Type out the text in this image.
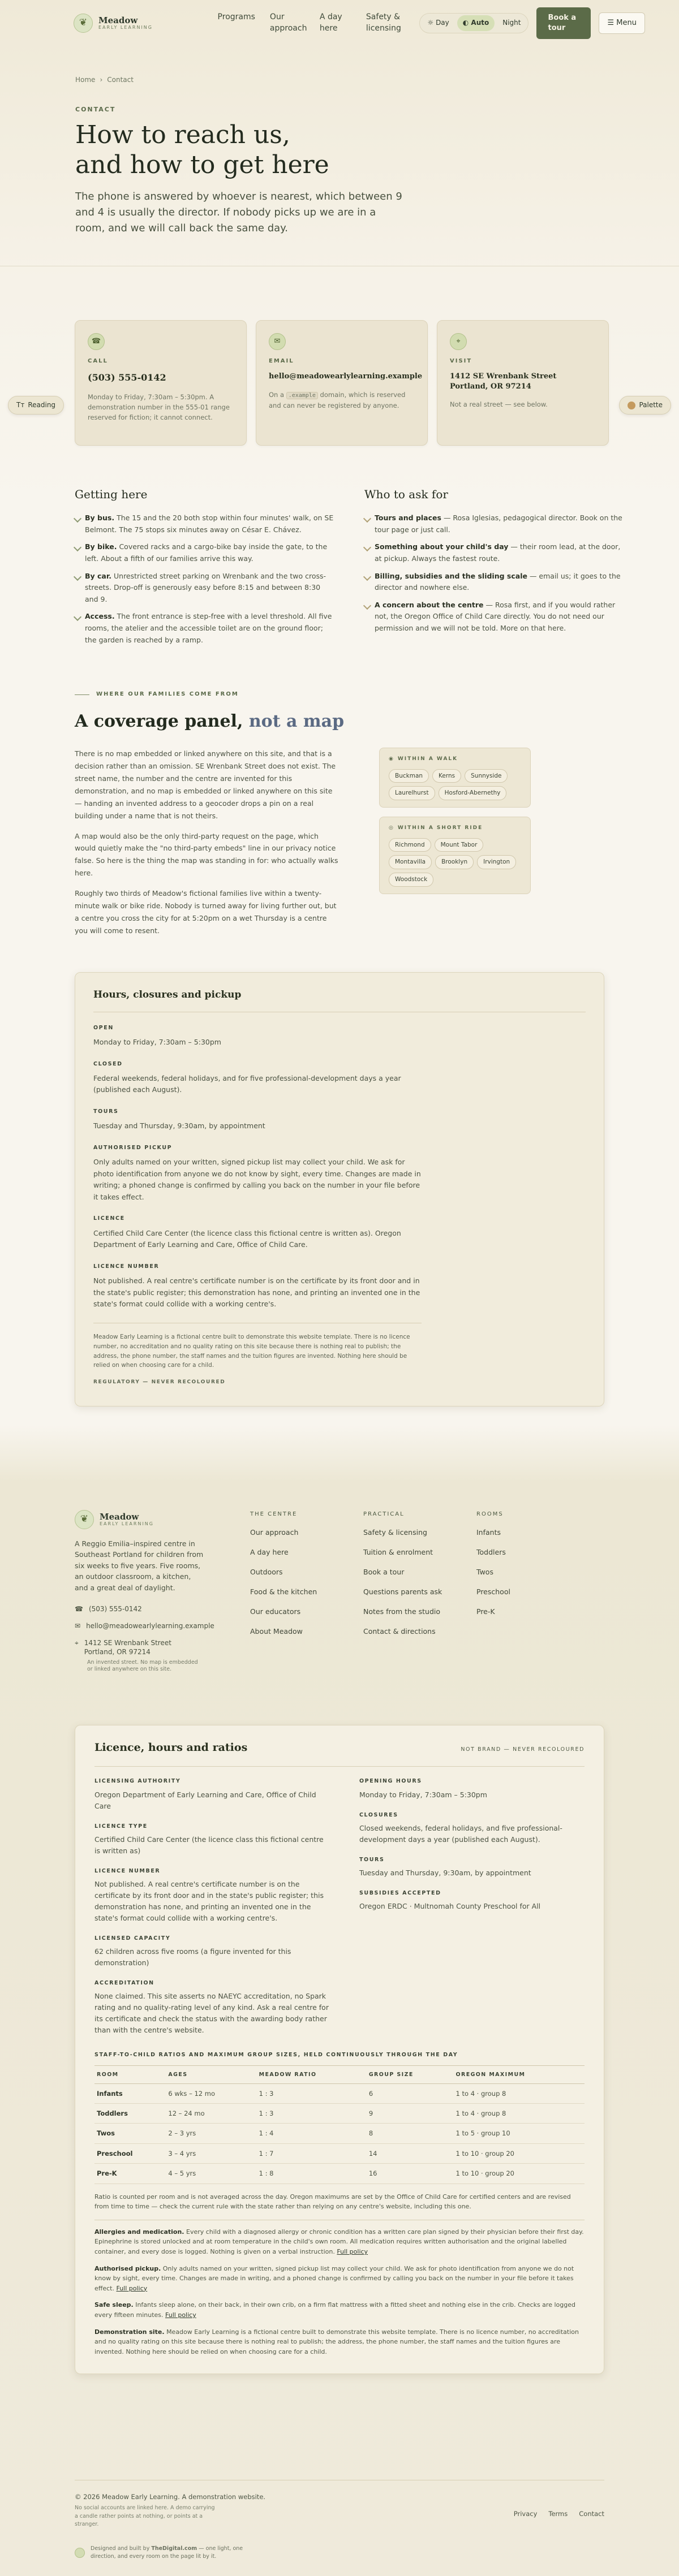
❦	Meadow
EARLY LEARNING
Programs Our approach
A day here
Safety & licensing
☼ Day	◐ Auto	Night
Book a tour
☰ Menu
Home › Contact
CONTACT
How to reach us,
and how to get here

The phone is answered by whoever is nearest, which between 9 and 4 is usually the director. If nobody picks up we are in a room, and we will call back the same day.

☎
CALL
(503) 555-0142
Monday to Friday, 7:30am – 5:30pm. A demonstration number in the 555-01 range reserved for fiction; it cannot connect.
✉
EMAIL
hello@meadowearlylearning.example
On a .example domain, which is reserved and can never be registered by anyone.
⌖
VISIT
1412 SE Wrenbank Street
Portland, OR 97214
Not a real street — see below.
Tт Reading	Palette
Getting here
By bus. The 15 and the 20 both stop within four minutes' walk, on SE Belmont. The 75 stops six minutes away on César E. Chávez.
By bike. Covered racks and a cargo-bike bay inside the gate, to the left. About a fifth of our families arrive this way.
By car. Unrestricted street parking on Wrenbank and the two cross-streets. Drop-off is generously easy before 8:15 and between 8:30 and 9.
Access. The front entrance is step-free with a level threshold. All five rooms, the atelier and the accessible toilet are on the ground floor; the garden is reached by a ramp.
Who to ask for
Tours and places — Rosa Iglesias, pedagogical director. Book on the tour page or just call.
Something about your child's day — their room lead, at the door, at pickup. Always the fastest route.
Billing, subsidies and the sliding scale — email us; it goes to the director and nowhere else.
A concern about the centre — Rosa first, and if you would rather not, the Oregon Office of Child Care directly. You do not need our permission and we will not be told. More on that here.
WHERE OUR FAMILIES COME FROM
A coverage panel, not a map

There is no map embedded or linked anywhere on this site, and that is a decision rather than an omission. SE Wrenbank Street does not exist. The street name, the number and the centre are invented for this demonstration, and no map is embedded or linked anywhere on this site — handing an invented address to a geocoder drops a pin on a real building under a name that is not theirs.

A map would also be the only third-party request on the page, which would quietly make the "no third-party embeds" line in our privacy notice false. So here is the thing the map was standing in for: who actually walks here.

Roughly two thirds of Meadow's fictional families live within a twenty-minute walk or bike ride. Nobody is turned away for living further out, but a centre you cross the city for at 5:20pm on a wet Thursday is a centre you will come to resent.

◉ WITHIN A WALK
Buckman	Kerns	Sunnyside
Laurelhurst	Hosford-Abernethy
◎ WITHIN A SHORT RIDE
Richmond	Mount Tabor
Montavilla	Brooklyn	Irvington
Woodstock
Hours, closures and pickup
OPEN
Monday to Friday, 7:30am – 5:30pm
CLOSED
Federal weekends, federal holidays, and for five professional-development days a year (published each August).
TOURS
Tuesday and Thursday, 9:30am, by appointment
AUTHORISED PICKUP
Only adults named on your written, signed pickup list may collect your child. We ask for photo identification from anyone we do not know by sight, every time. Changes are made in writing; a phoned change is confirmed by calling you back on the number in your file before it takes effect.
LICENCE
Certified Child Care Center (the licence class this fictional centre is written as). Oregon Department of Early Learning and Care, Office of Child Care.
LICENCE NUMBER
Not published. A real centre's certificate number is on the certificate by its front door and in the state's public register; this demonstration has none, and printing an invented one in the state's format could collide with a working centre's.
Meadow Early Learning is a fictional centre built to demonstrate this website template. There is no licence number, no accreditation and no quality rating on this site because there is nothing real to publish; the address, the phone number, the staff names and the tuition figures are invented. Nothing here should be relied on when choosing care for a child.
REGULATORY — NEVER RECOLOURED
❦	Meadow
EARLY LEARNING

A Reggio Emilia–inspired centre in Southeast Portland for children from six weeks to five years. Five rooms, an outdoor classroom, a kitchen, and a great deal of daylight.

☎ (503) 555-0142
✉ hello@meadowearlylearning.example
⌖ 1412 SE Wrenbank Street
Portland, OR 97214
An invented street. No map is embedded or linked anywhere on this site.
THE CENTRE
Our approach
A day here
Outdoors
Food & the kitchen
Our educators
About Meadow
PRACTICAL
Safety & licensing
Tuition & enrolment
Book a tour
Questions parents ask
Notes from the studio
Contact & directions
ROOMS
Infants
Toddlers
Twos
Preschool
Pre-K
Licence, hours and ratios	NOT BRAND — NEVER RECOLOURED
LICENSING AUTHORITY
Oregon Department of Early Learning and Care, Office of Child Care
LICENCE TYPE
Certified Child Care Center (the licence class this fictional centre is written as)
LICENCE NUMBER
Not published. A real centre's certificate number is on the certificate by its front door and in the state's public register; this demonstration has none, and printing an invented one in the state's format could collide with a working centre's.
LICENSED CAPACITY
62 children across five rooms (a figure invented for this demonstration)
ACCREDITATION
None claimed. This site asserts no NAEYC accreditation, no Spark rating and no quality-rating level of any kind. Ask a real centre for its certificate and check the status with the awarding body rather than with the centre's website.
OPENING HOURS
Monday to Friday, 7:30am – 5:30pm
CLOSURES
Closed weekends, federal holidays, and five professional-development days a year (published each August).
TOURS
Tuesday and Thursday, 9:30am, by appointment
SUBSIDIES ACCEPTED
Oregon ERDC · Multnomah County Preschool for All
STAFF-TO-CHILD RATIOS AND MAXIMUM GROUP SIZES, HELD CONTINUOUSLY THROUGH THE DAY
ROOM	AGES	MEADOW RATIO	GROUP SIZE	OREGON MAXIMUM
Infants	6 wks – 12 mo	1 : 3	6	1 to 4 · group 8
Toddlers	12 – 24 mo	1 : 3	9	1 to 4 · group 8
Twos	2 – 3 yrs	1 : 4	8	1 to 5 · group 10
Preschool	3 – 4 yrs	1 : 7	14	1 to 10 · group 20
Pre-K	4 – 5 yrs	1 : 8	16	1 to 10 · group 20
Ratio is counted per room and is not averaged across the day. Oregon maximums are set by the Office of Child Care for certified centers and are revised from time to time — check the current rule with the state rather than relying on any centre's website, including this one.
Allergies and medication. Every child with a diagnosed allergy or chronic condition has a written care plan signed by their physician before their first day. Epinephrine is stored unlocked and at room temperature in the child's own room. All medication requires written authorisation and the original labelled container, and every dose is logged. Nothing is given on a verbal instruction. Full policy
Authorised pickup. Only adults named on your written, signed pickup list may collect your child. We ask for photo identification from anyone we do not know by sight, every time. Changes are made in writing, and a phoned change is confirmed by calling you back on the number in your file before it takes effect. Full policy
Safe sleep. Infants sleep alone, on their back, in their own crib, on a firm flat mattress with a fitted sheet and nothing else in the crib. Checks are logged every fifteen minutes. Full policy
Demonstration site. Meadow Early Learning is a fictional centre built to demonstrate this website template. There is no licence number, no accreditation and no quality rating on this site because there is nothing real to publish; the address, the phone number, the staff names and the tuition figures are invented. Nothing here should be relied on when choosing care for a child.
© 2026 Meadow Early Learning. A demonstration website.
No social accounts are linked here. A demo carrying a candle rather points at nothing, or points at a stranger.
Privacy Terms Contact
Designed and built by TheDigital.com — one light, one direction, and every room on the page lit by it.
